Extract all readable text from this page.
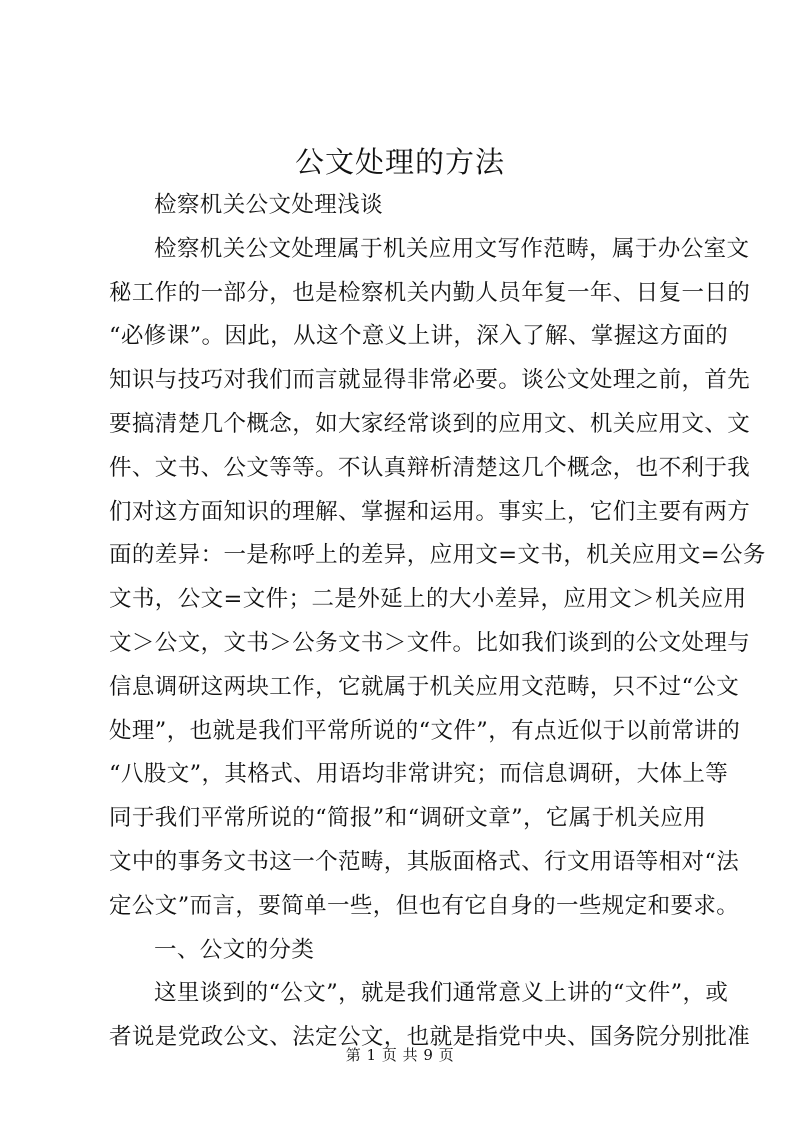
公文处理的方法

检察机关公文处理浅谈

检察机关公文处理属于机关应用文写作范畴，属于办公室文

秘工作的一部分，也是检察机关内勤人员年复一年、日复一日的

“必修课”。因此，从这个意义上讲，深入了解、掌握这方面的

知识与技巧对我们而言就显得非常必要。谈公文处理之前，首先

要搞清楚几个概念，如大家经常谈到的应用文、机关应用文、文

件、文书、公文等等。不认真辩析清楚这几个概念，也不利于我

们对这方面知识的理解、掌握和运用。事实上，它们主要有两方

面的差异：一是称呼上的差异，应用文=文书，机关应用文=公务

文书，公文=文件；二是外延上的大小差异，应用文＞机关应用

文＞公文，文书＞公务文书＞文件。比如我们谈到的公文处理与

信息调研这两块工作，它就属于机关应用文范畴，只不过“公文

处理”，也就是我们平常所说的“文件”，有点近似于以前常讲的

“八股文”，其格式、用语均非常讲究；而信息调研，大体上等

同于我们平常所说的“简报”和“调研文章”，它属于机关应用

文中的事务文书这一个范畴，其版面格式、行文用语等相对“法

定公文”而言，要简单一些，但也有它自身的一些规定和要求。

一、公文的分类

这里谈到的“公文”，就是我们通常意义上讲的“文件”，或

者说是党政公文、法定公文，也就是指党中央、国务院分别批准

第 1 页 共 9 页
